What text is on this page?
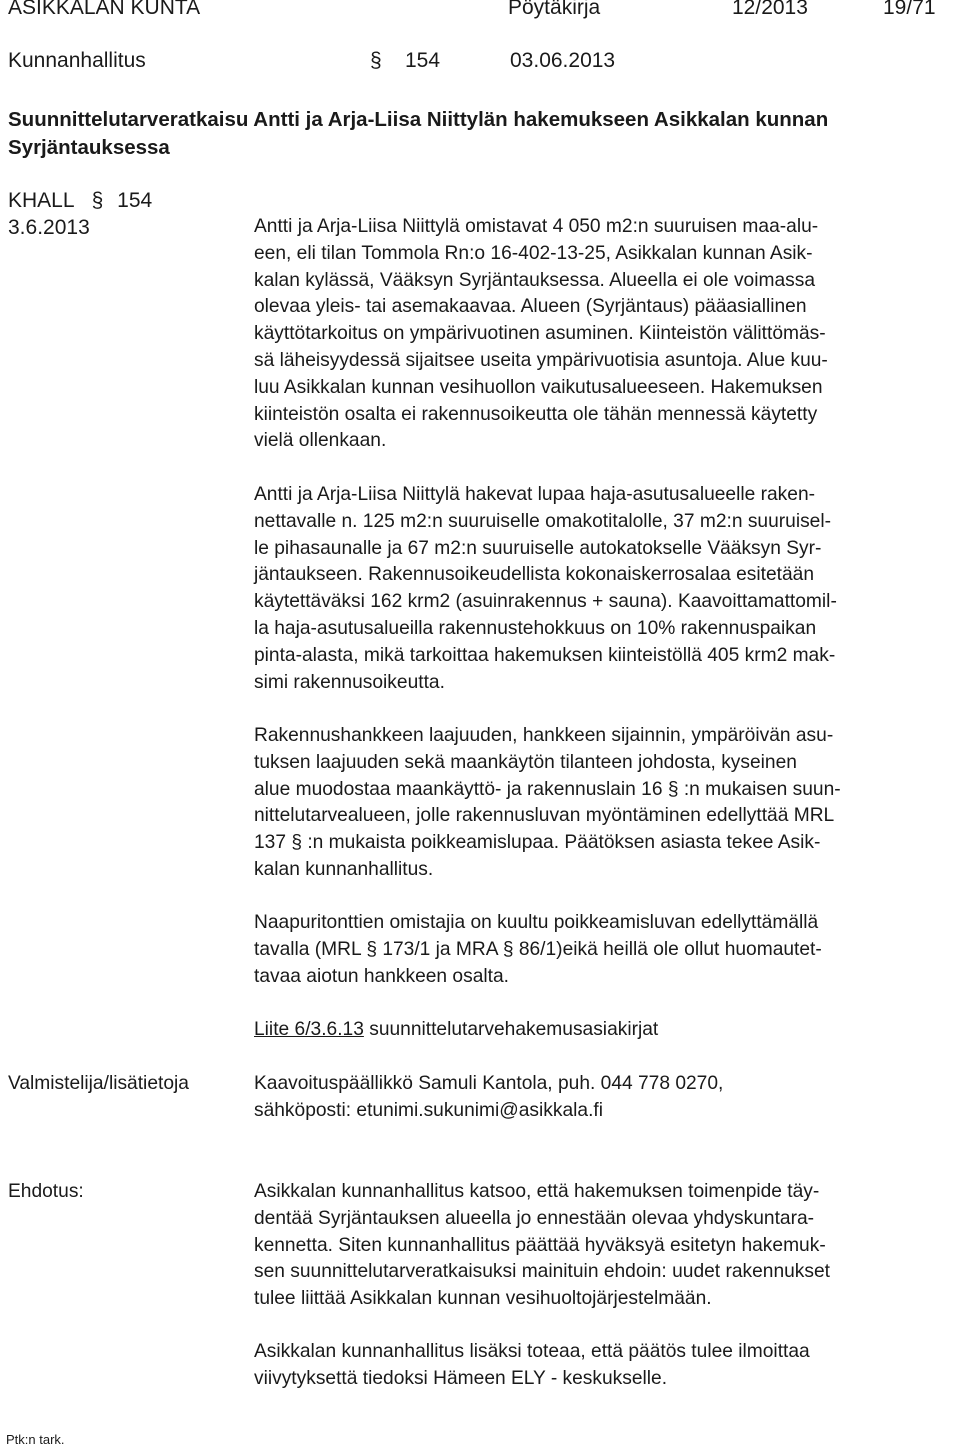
ASIKKALAN KUNTA	Pöytäkirja	12/2013	19/71
Kunnanhallitus	§ 154	03.06.2013
Suunnittelutarveratkaisu Antti ja Arja-Liisa Niittylän hakemukseen Asikkalan kunnan
Syrjäntauksessa
KHALL § 154
3.6.2013	Antti ja Arja-Liisa Niittylä omistavat 4 050 m2:n suuruisen maa-alu-
een, eli tilan Tommola Rn:o 16-402-13-25, Asikkalan kunnan Asik-
kalan kylässä, Vääksyn Syrjäntauksessa. Alueella ei ole voimassa
olevaa yleis- tai asemakaavaa. Alueen (Syrjäntaus) pääasiallinen
käyttötarkoitus on ympärivuotinen asuminen. Kiinteistön välittömäs-
sä läheisyydessä sijaitsee useita ympärivuotisia asuntoja. Alue kuu-
luu Asikkalan kunnan vesihuollon vaikutusalueeseen. Hakemuksen
kiinteistön osalta ei rakennusoikeutta ole tähän mennessä käytetty
vielä ollenkaan.
Antti ja Arja-Liisa Niittylä hakevat lupaa haja-asutusalueelle raken-
nettavalle n. 125 m2:n suuruiselle omakotitalolle, 37 m2:n suuruisel-
le pihasaunalle ja 67 m2:n suuruiselle autokatokselle Vääksyn Syr-
jäntaukseen. Rakennusoikeudellista kokonaiskerrosalaa esitetään
käytettäväksi 162 krm2 (asuinrakennus + sauna). Kaavoittamattomil-
la haja-asutusalueilla rakennustehokkuus on 10% rakennuspaikan
pinta-alasta, mikä tarkoittaa hakemuksen kiinteistöllä 405 krm2 mak-
simi rakennusoikeutta.
Rakennushankkeen laajuuden, hankkeen sijainnin, ympäröivän asu-
tuksen laajuuden sekä maankäytön tilanteen johdosta, kyseinen
alue muodostaa maankäyttö- ja rakennuslain 16 § :n mukaisen suun-
nittelutarvealueen, jolle rakennusluvan myöntäminen edellyttää MRL
137 § :n mukaista poikkeamislupaa. Päätöksen asiasta tekee Asik-
kalan kunnanhallitus.
Naapuritonttien omistajia on kuultu poikkeamisluvan edellyttämällä
tavalla (MRL § 173/1 ja MRA § 86/1)eikä heillä ole ollut huomautet-
tavaa aiotun hankkeen osalta.
Liite 6/3.6.13 suunnittelutarvehakemusasiakirjat
Valmistelija/lisätietoja	Kaavoituspäällikkö Samuli Kantola, puh. 044 778 0270,
sähköposti: etunimi.sukunimi@asikkala.fi
Ehdotus:	Asikkalan kunnanhallitus katsoo, että hakemuksen toimenpide täy-
dentää Syrjäntauksen alueella jo ennestään olevaa yhdyskuntara-
kennetta. Siten kunnanhallitus päättää hyväksyä esitetyn hakemuk-
sen suunnittelutarveratkaisuksi mainituin ehdoin: uudet rakennukset
tulee liittää Asikkalan kunnan vesihuoltojärjestelmään.
Asikkalan kunnanhallitus lisäksi toteaa, että päätös tulee ilmoittaa
viivytyksettä tiedoksi Hämeen ELY - keskukselle.
Ptk:n tark.
